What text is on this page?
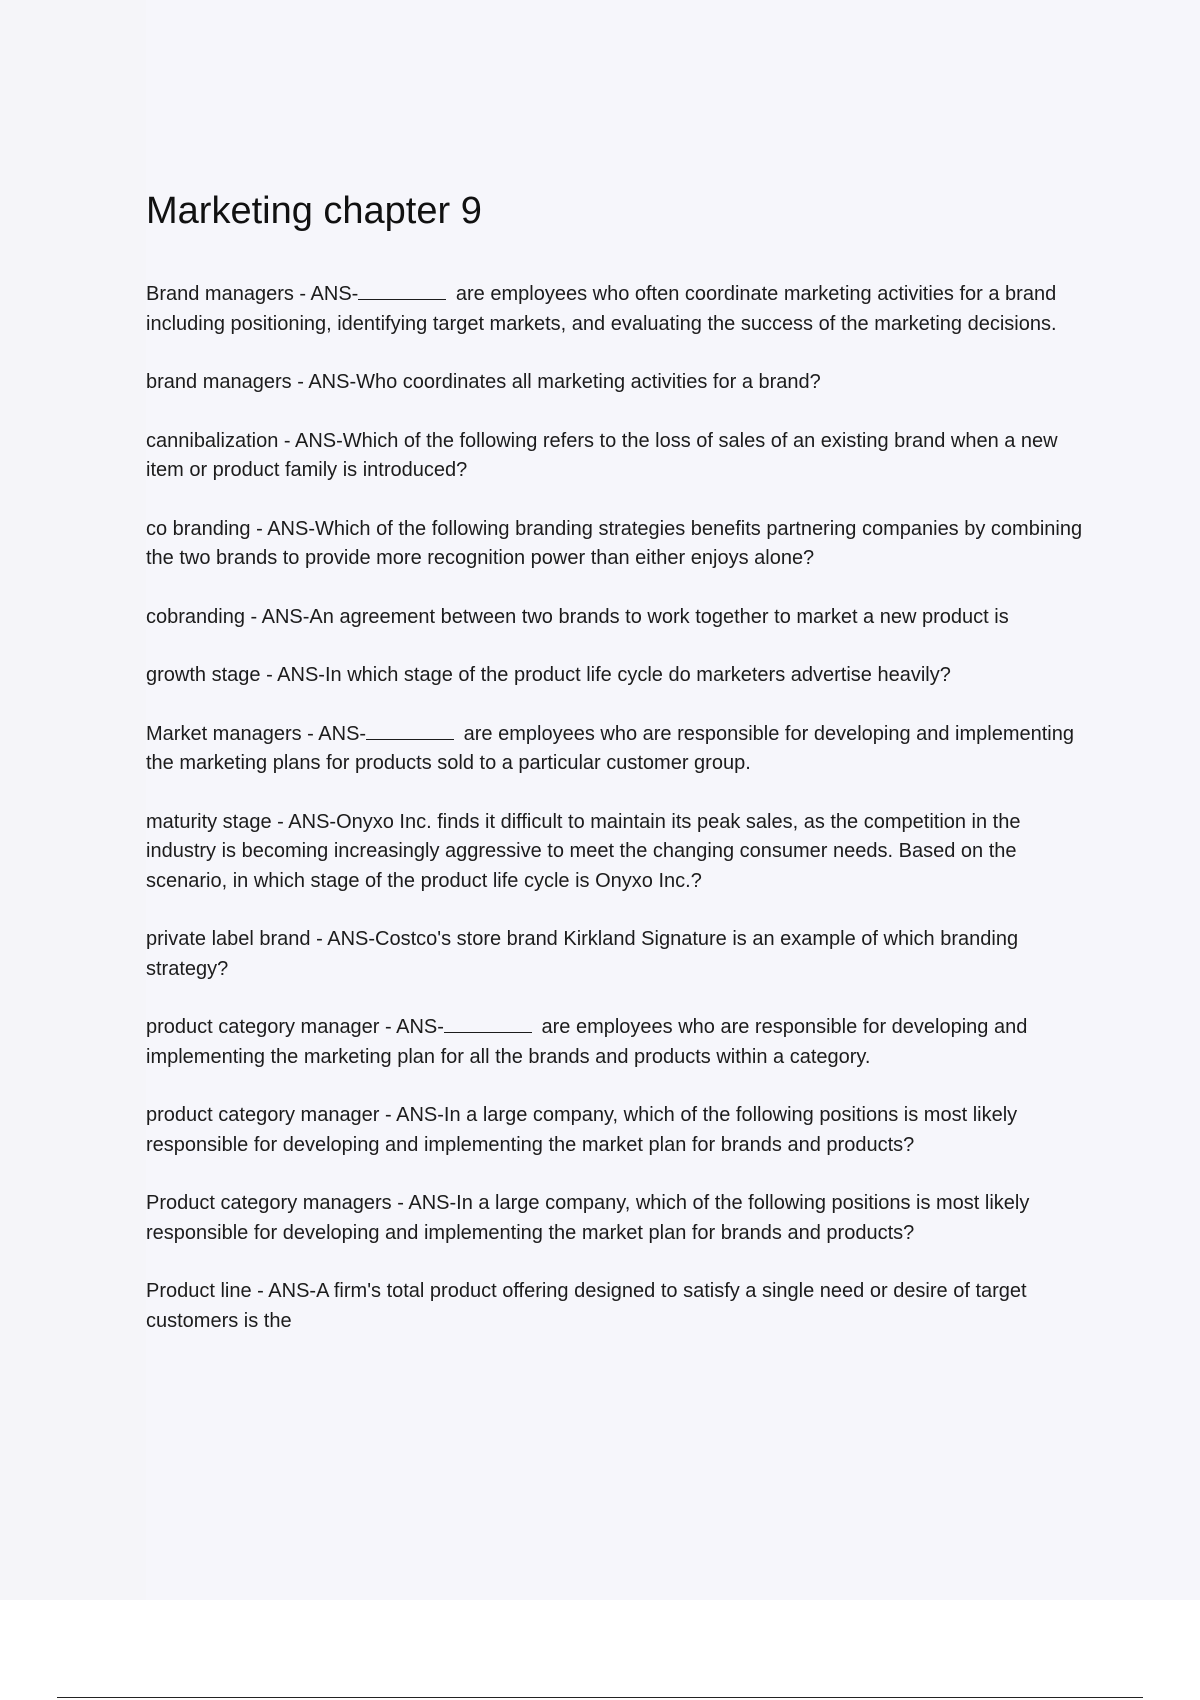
Marketing chapter 9

Brand managers - ANS-	are employees who often coordinate marketing activities for a brand including positioning, identifying target markets, and evaluating the success of the marketing decisions.

brand managers - ANS-Who coordinates all marketing activities for a brand?

cannibalization - ANS-Which of the following refers to the loss of sales of an existing brand when a new item or product family is introduced?

co branding - ANS-Which of the following branding strategies benefits partnering companies by combining the two brands to provide more recognition power than either enjoys alone?

cobranding - ANS-An agreement between two brands to work together to market a new product is

growth stage - ANS-In which stage of the product life cycle do marketers advertise heavily?

Market managers - ANS-	are employees who are responsible for developing and implementing the marketing plans for products sold to a particular customer group.

maturity stage - ANS-Onyxo Inc. finds it difficult to maintain its peak sales, as the competition in the industry is becoming increasingly aggressive to meet the changing consumer needs. Based on the scenario, in which stage of the product life cycle is Onyxo Inc.?

private label brand - ANS-Costco's store brand Kirkland Signature is an example of which branding strategy?

product category manager - ANS-	are employees who are responsible for developing and implementing the marketing plan for all the brands and products within a category.

product category manager - ANS-In a large company, which of the following positions is most likely responsible for developing and implementing the market plan for brands and products?

Product category managers - ANS-In a large company, which of the following positions is most likely responsible for developing and implementing the market plan for brands and products?

Product line - ANS-A firm's total product offering designed to satisfy a single need or desire of target customers is the
